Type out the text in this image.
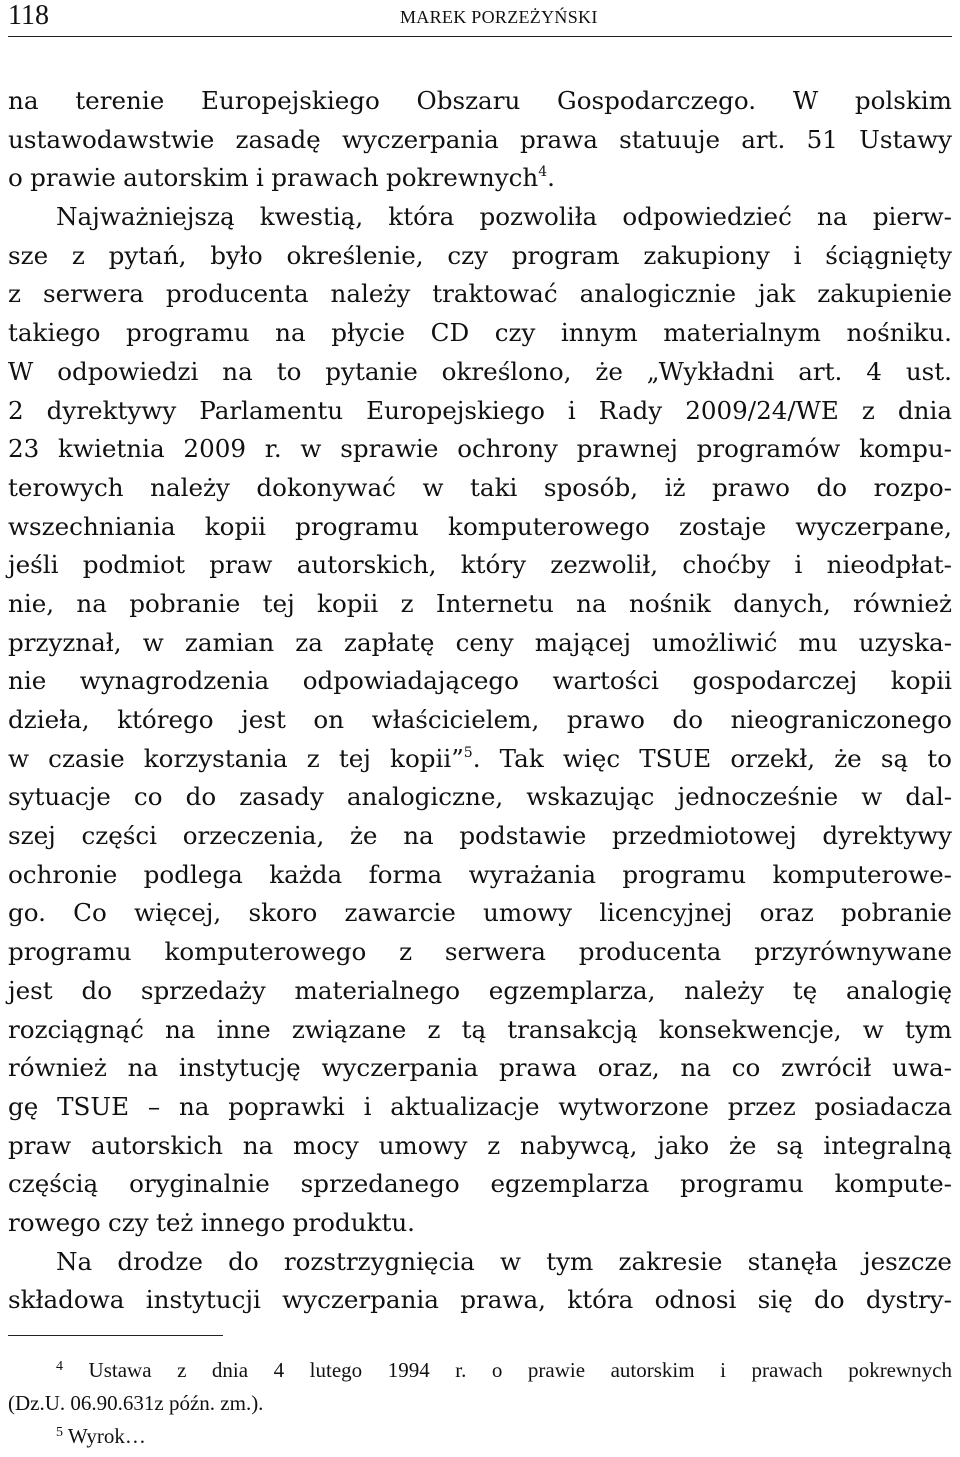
118	MAREK PORZEŻYŃSKI
na terenie Europejskiego Obszaru Gospodarczego. W polskim
ustawodawstwie zasadę wyczerpania prawa statuuje art. 51 Ustawy
o prawie autorskim i prawach pokrewnych$^4$.
Najważniejszą kwestią, która pozwoliła odpowiedzieć na pierw-
sze z pytań, było określenie, czy program zakupiony i ściągnięty
z serwera producenta należy traktować analogicznie jak zakupienie
takiego programu na płycie CD czy innym materialnym nośniku.
W odpowiedzi na to pytanie określono, że „Wykładni art. 4 ust.
2 dyrektywy Parlamentu Europejskiego i Rady 2009/24/WE z dnia
23 kwietnia 2009 r. w sprawie ochrony prawnej programów kompu-
terowych należy dokonywać w taki sposób, iż prawo do rozpo-
wszechniania kopii programu komputerowego zostaje wyczerpane,
jeśli podmiot praw autorskich, który zezwolił, choćby i nieodpłat-
nie, na pobranie tej kopii z Internetu na nośnik danych, również
przyznał, w zamian za zapłatę ceny mającej umożliwić mu uzyska-
nie wynagrodzenia odpowiadającego wartości gospodarczej kopii
dzieła, którego jest on właścicielem, prawo do nieograniczonego
w czasie korzystania z tej kopii”$^5$. Tak więc TSUE orzekł, że są to
sytuacje co do zasady analogiczne, wskazując jednocześnie w dal-
szej części orzeczenia, że na podstawie przedmiotowej dyrektywy
ochronie podlega każda forma wyrażania programu komputerowe-
go. Co więcej, skoro zawarcie umowy licencyjnej oraz pobranie
programu komputerowego z serwera producenta przyrównywane
jest do sprzedaży materialnego egzemplarza, należy tę analogię
rozciągnąć na inne związane z tą transakcją konsekwencje, w tym
również na instytucję wyczerpania prawa oraz, na co zwrócił uwa-
gę TSUE – na poprawki i aktualizacje wytworzone przez posiadacza
praw autorskich na mocy umowy z nabywcą, jako że są integralną
częścią oryginalnie sprzedanego egzemplarza programu kompute-
rowego czy też innego produktu.
Na drodze do rozstrzygnięcia w tym zakresie stanęła jeszcze
składowa instytucji wyczerpania prawa, która odnosi się do dystry-
$^4$ Ustawa z dnia 4 lutego 1994 r. o prawie autorskim i prawach pokrewnych
(Dz.U. 06.90.631z późn. zm.).
$^5$ Wyrok…
